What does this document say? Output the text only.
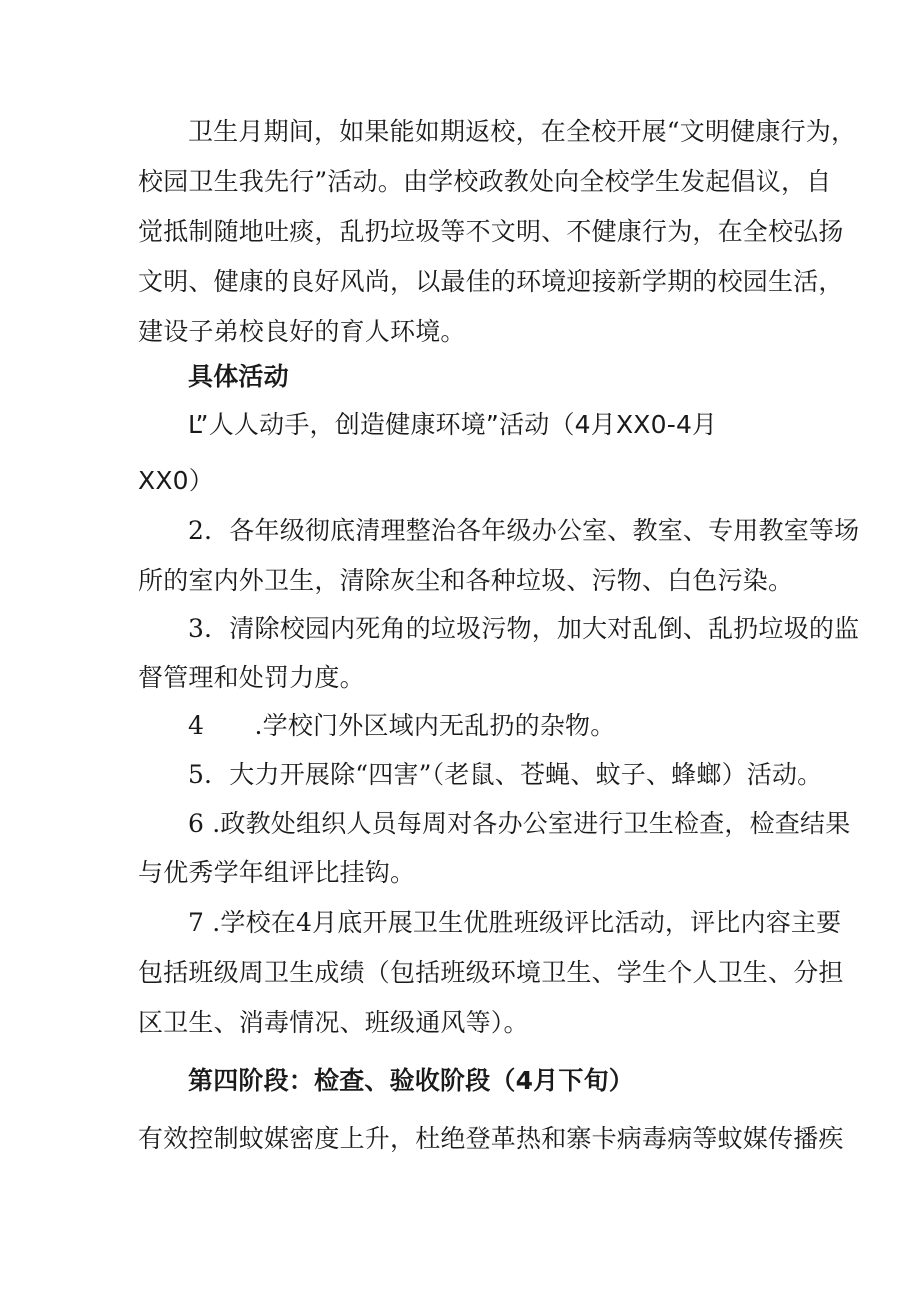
卫生月期间，如果能如期返校，在全校开展“文明健康行为，

校园卫生我先行”活动。由学校政教处向全校学生发起倡议，自

觉抵制随地吐痰，乱扔垃圾等不文明、不健康行为，在全校弘扬

文明、健康的良好风尚，以最佳的环境迎接新学期的校园生活，

建设子弟校良好的育人环境。

具体活动

L”人人动手，创造健康环境”活动（4月XX0-4月

XX0）

2．各年级彻底清理整治各年级办公室、教室、专用教室等场

所的室内外卫生，清除灰尘和各种垃圾、污物、白色污染。

3．清除校园内死角的垃圾污物，加大对乱倒、乱扔垃圾的监

督管理和处罚力度。

4　　.学校门外区域内无乱扔的杂物。

5．大力开展除“四害”（老鼠、苍蝇、蚊子、蜂螂）活动。

6 .政教处组织人员每周对各办公室进行卫生检查，检查结果

与优秀学年组评比挂钩。

7 .学校在4月底开展卫生优胜班级评比活动，评比内容主要

包括班级周卫生成绩（包括班级环境卫生、学生个人卫生、分担

区卫生、消毒情况、班级通风等）。

第四阶段：检查、验收阶段（4月下旬）

有效控制蚊媒密度上升，杜绝登革热和寨卡病毒病等蚊媒传播疾
